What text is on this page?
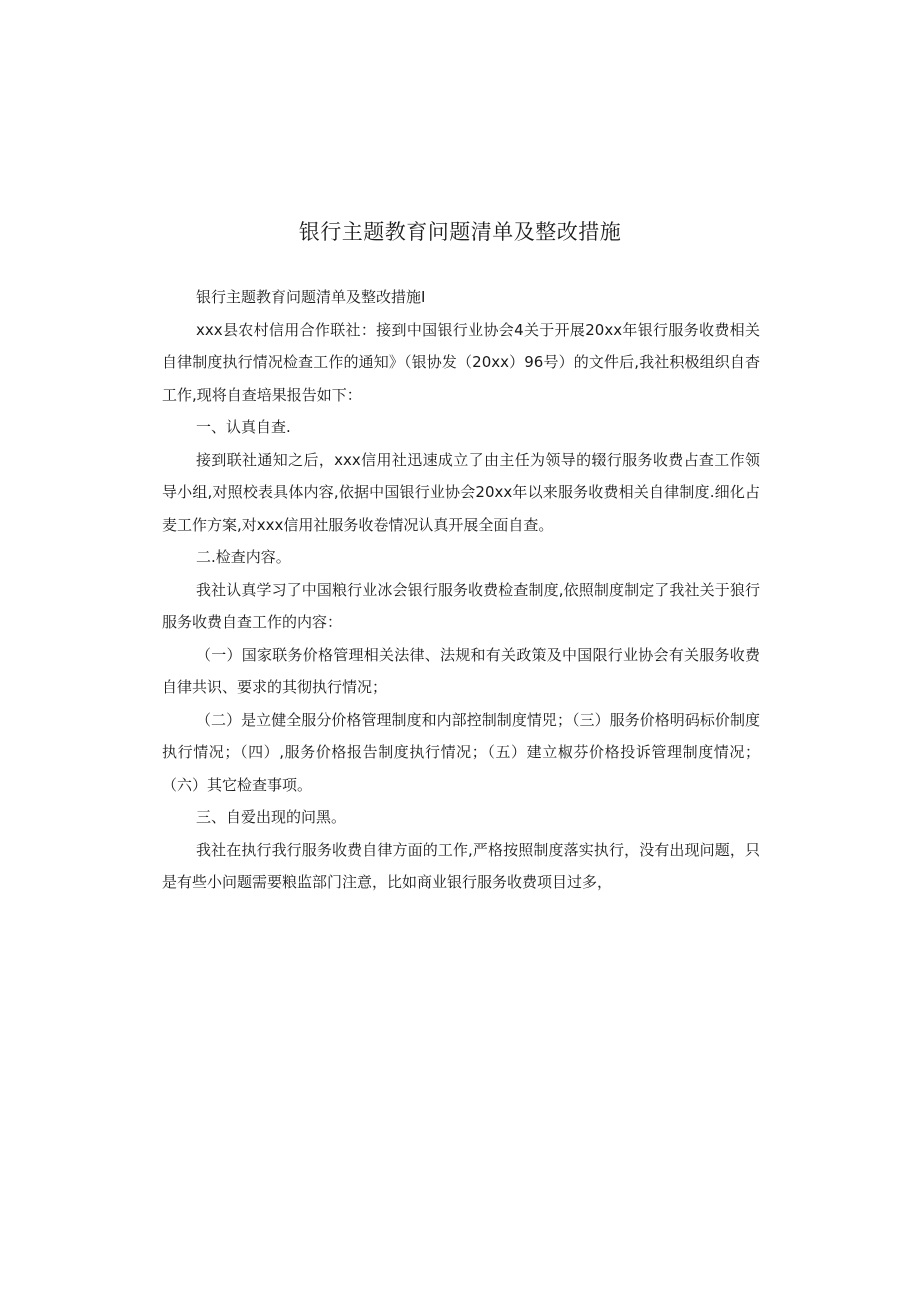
银行主题教育问题清单及整改措施

银行主题教育问题清单及整改措施I

xxx县农村信用合作联社：接到中国银行业协会4关于开展20xx年银行服务收费相关自律制度执行情况检查工作的通知》（银协发（20xx）96号）的文件后,我社积极组织自杳工作,现将自查培果报告如下：

一、认真自查.

接到联社通知之后，xxx信用社迅速成立了由主任为领导的辍行服务收费占查工作领导小组,对照校表具体内容,依据中国银行业协会20xx年以来服务收费相关自律制度.细化占麦工作方案,对xxx信用社服务收卷情况认真开展全面自查。

二.检查内容。

我社认真学习了中国粮行业冰会银行服务收费检查制度,依照制度制定了我社关于狼行服务收费自查工作的内容：

（一）国家联务价格管理相关法律、法规和有关政策及中国限行业协会有关服务收费自律共识、要求的其彻执行情况；

（二）是立健全服分价格管理制度和内部控制制度情兕；（三）服务价格明码标价制度执行情况；（四）,服务价格报告制度执行情况；（五）建立椒芬价格投诉管理制度情况；（六）其它检查事项。

三、自爱出现的问黑。

我社在执行我行服务收费自律方面的工作,严格按照制度落实执行，没有出现问题，只是有些小问题需要粮监部门注意，比如商业银行服务收费项目过多，
